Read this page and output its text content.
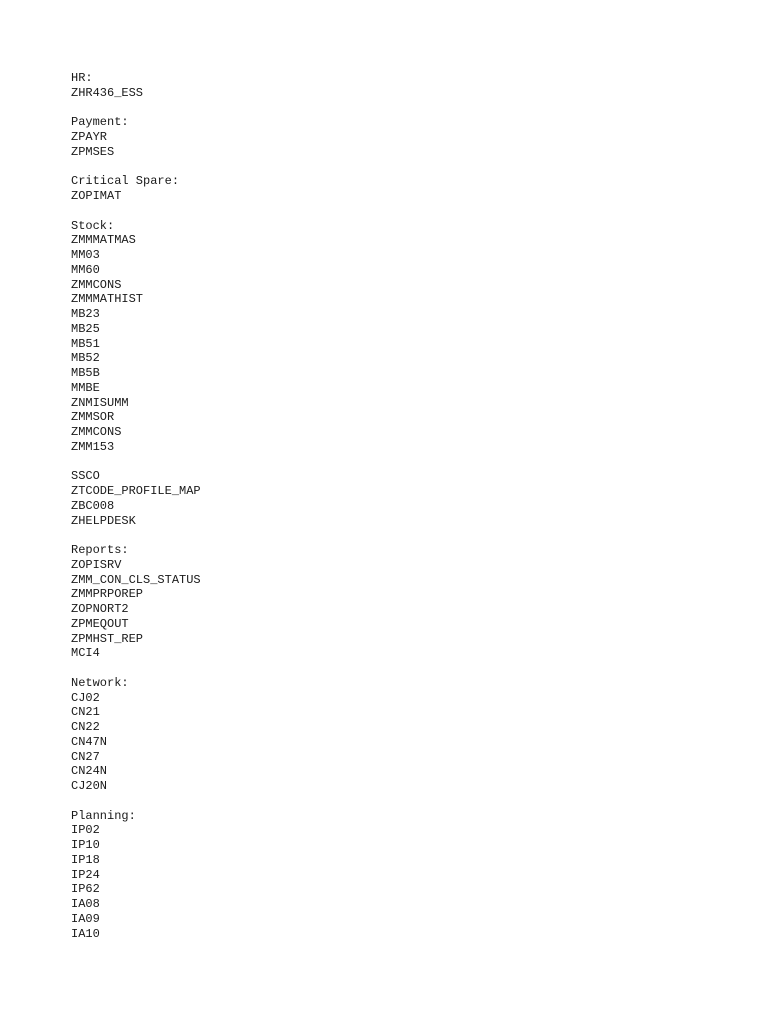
HR:
ZHR436_ESS
Payment:
ZPAYR
ZPMSES
Critical Spare:
ZOPIMAT
Stock:
ZMMMATMAS
MM03
MM60
ZMMCONS
ZMMMATHIST
MB23
MB25
MB51
MB52
MB5B
MMBE
ZNMISUMM
ZMMSOR
ZMMCONS
ZMM153
SSCO
ZTCODE_PROFILE_MAP
ZBC008
ZHELPDESK
Reports:
ZOPISRV
ZMM_CON_CLS_STATUS
ZMMPRPOREP
ZOPNORT2
ZPMEQOUT
ZPMHST_REP
MCI4
Network:
CJ02
CN21
CN22
CN47N
CN27
CN24N
CJ20N
Planning:
IP02
IP10
IP18
IP24
IP62
IA08
IA09
IA10
